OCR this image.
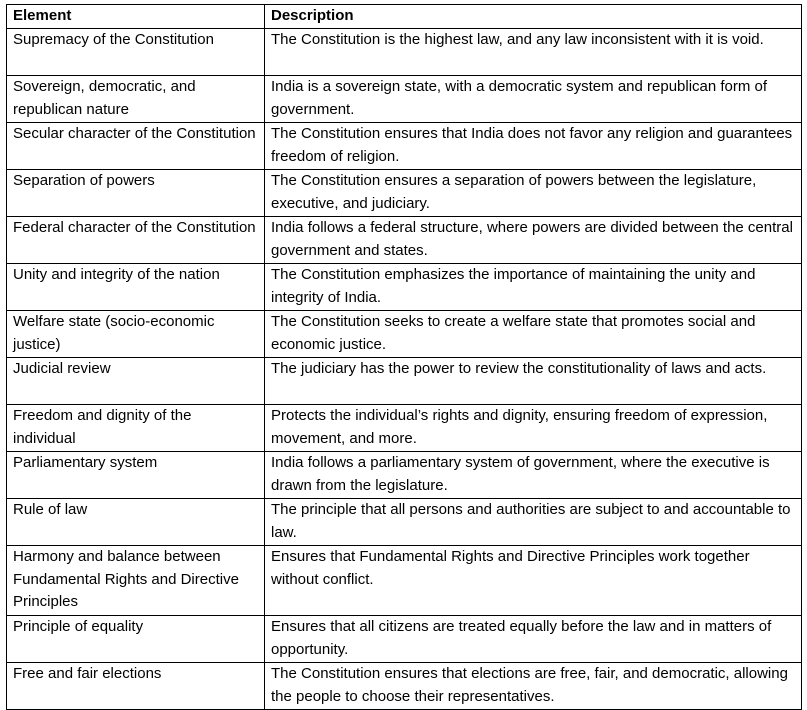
Element	Description
Supremacy of the Constitution	The Constitution is the highest law, and any law inconsistent with it is void.
Sovereign, democratic, and republican nature	India is a sovereign state, with a democratic system and republican form of government.
Secular character of the Constitution	The Constitution ensures that India does not favor any religion and guarantees freedom of religion.
Separation of powers	The Constitution ensures a separation of powers between the legislature, executive, and judiciary.
Federal character of the Constitution	India follows a federal structure, where powers are divided between the central government and states.
Unity and integrity of the nation	The Constitution emphasizes the importance of maintaining the unity and integrity of India.
Welfare state (socio-economic justice)	The Constitution seeks to create a welfare state that promotes social and economic justice.
Judicial review	The judiciary has the power to review the constitutionality of laws and acts.
Freedom and dignity of the individual	Protects the individual’s rights and dignity, ensuring freedom of expression, movement, and more.
Parliamentary system	India follows a parliamentary system of government, where the executive is drawn from the legislature.
Rule of law	The principle that all persons and authorities are subject to and accountable to law.
Harmony and balance between Fundamental Rights and Directive Principles	Ensures that Fundamental Rights and Directive Principles work together without conflict.
Principle of equality	Ensures that all citizens are treated equally before the law and in matters of opportunity.
Free and fair elections	The Constitution ensures that elections are free, fair, and democratic, allowing the people to choose their representatives.
